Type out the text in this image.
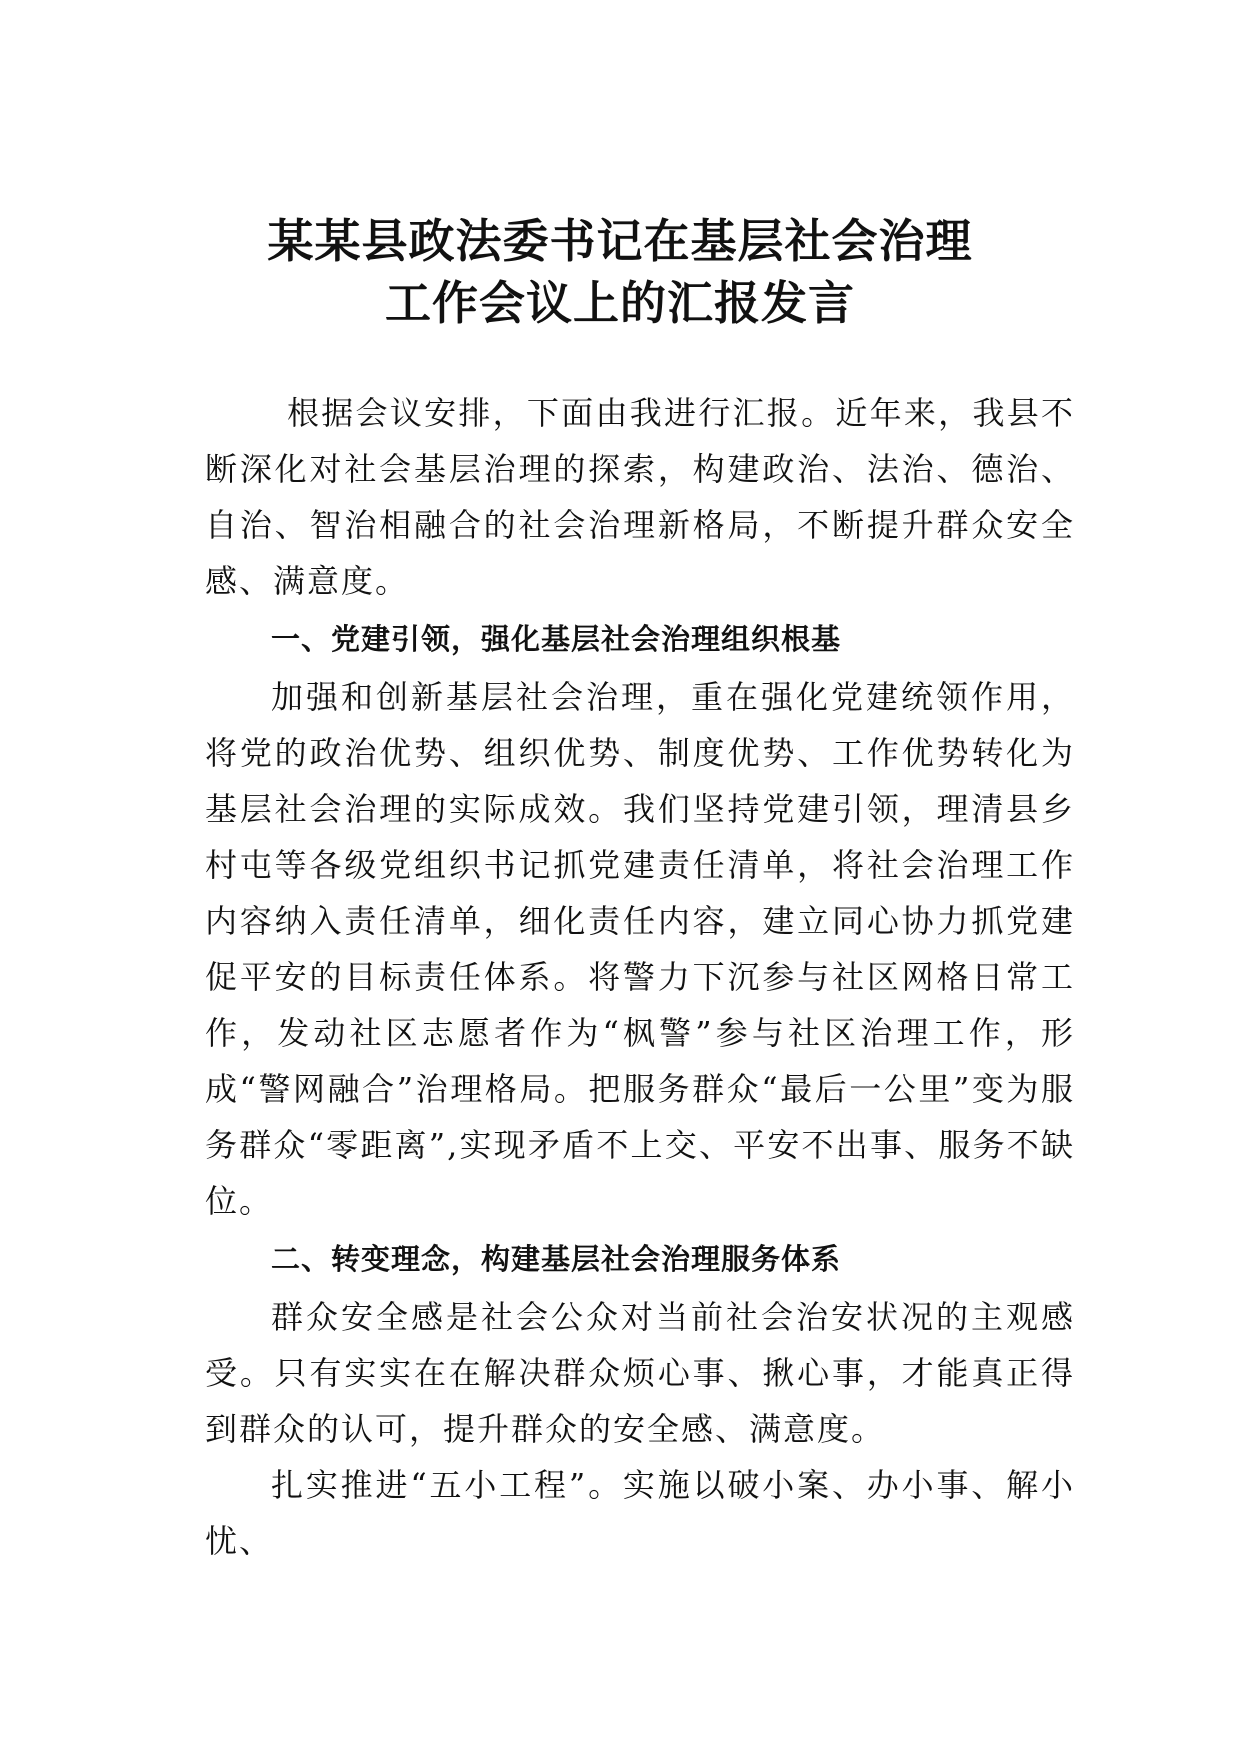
某某县政法委书记在基层社会治理
工作会议上的汇报发言

根据会议安排，下面由我进行汇报。近年来，我县不断深化对社会基层治理的探索，构建政治、法治、德治、自治、智治相融合的社会治理新格局，不断提升群众安全感、满意度。

一、党建引领，强化基层社会治理组织根基

加强和创新基层社会治理，重在强化党建统领作用，将党的政治优势、组织优势、制度优势、工作优势转化为基层社会治理的实际成效。我们坚持党建引领，理清县乡村屯等各级党组织书记抓党建责任清单，将社会治理工作内容纳入责任清单，细化责任内容，建立同心协力抓党建促平安的目标责任体系。将警力下沉参与社区网格日常工作，发动社区志愿者作为“枫警”参与社区治理工作，形成“警网融合”治理格局。把服务群众“最后一公里”变为服务群众“零距离”,实现矛盾不上交、平安不出事、服务不缺位。

二、转变理念，构建基层社会治理服务体系

群众安全感是社会公众对当前社会治安状况的主观感受。只有实实在在解决群众烦心事、揪心事，才能真正得到群众的认可，提升群众的安全感、满意度。

扎实推进“五小工程”。实施以破小案、办小事、解小忧、
